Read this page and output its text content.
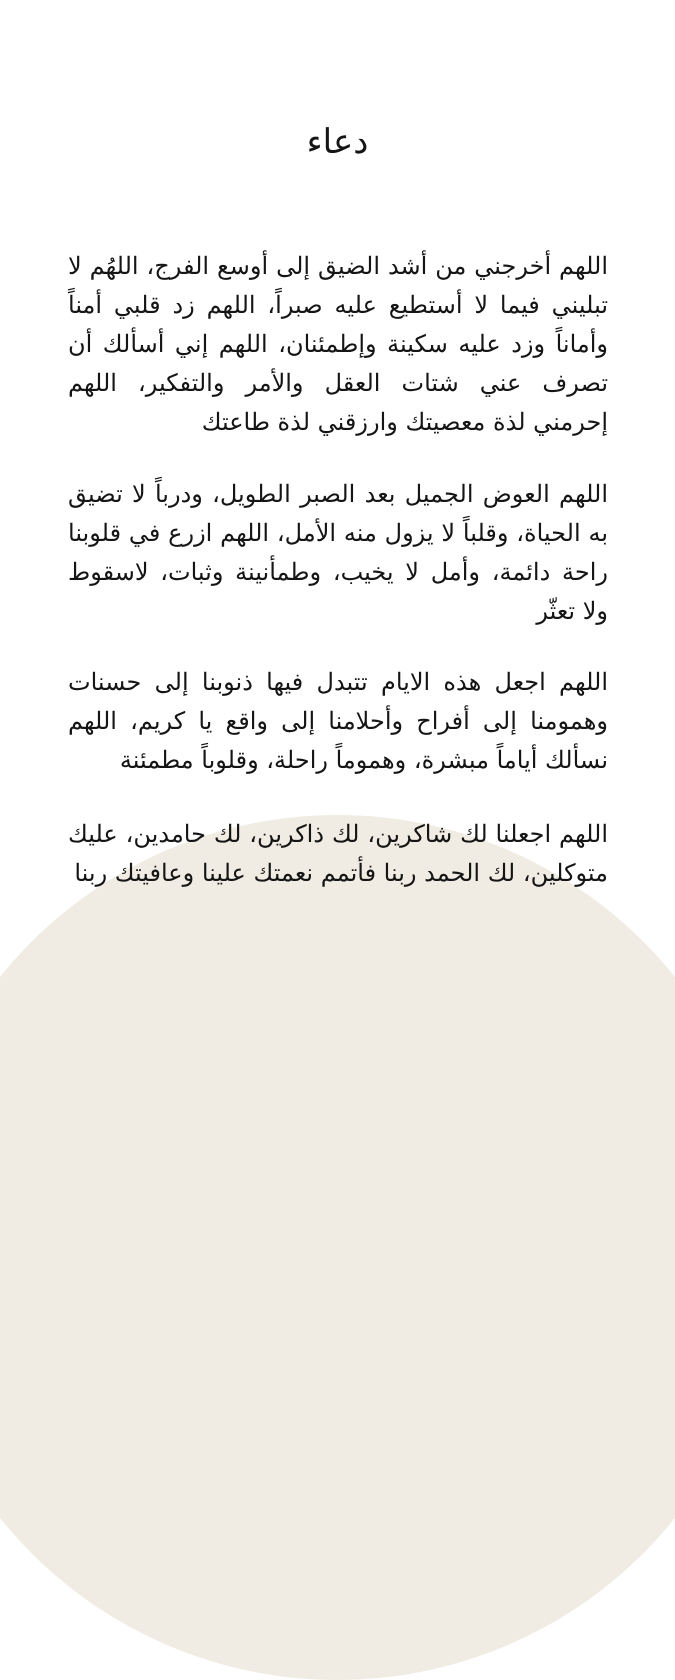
دعاء
اللهم أخرجني من أشد الضيق إلى أوسع الفرج، اللهُم لا تبليني فيما لا أستطيع عليه صبراً، اللهم زد قلبي أمناً وأماناً وزد عليه سكينة وإطمئنان، اللهم إني أسألك أن تصرف عني شتات العقل والأمر والتفكير، اللهم إحرمني لذة معصيتك وارزقني لذة طاعتك
اللهم العوض الجميل بعد الصبر الطويل، ودرباً لا تضيق به الحياة، وقلباً لا يزول منه الأمل، اللهم ازرع في قلوبنا راحة دائمة، وأمل لا يخيب، وطمأنينة وثبات، لاسقوط ولا تعثّر
اللهم اجعل هذه الايام تتبدل فيها ذنوبنا إلى حسنات وهمومنا إلى أفراح وأحلامنا إلى واقع يا كريم، اللهم نسألك أياماً مبشرة، وهموماً راحلة، وقلوباً مطمئنة
اللهم اجعلنا لك شاكرين، لك ذاكرين، لك حامدين، عليك متوكلين، لك الحمد ربنا فأتمم نعمتك علينا وعافيتك ربنا
